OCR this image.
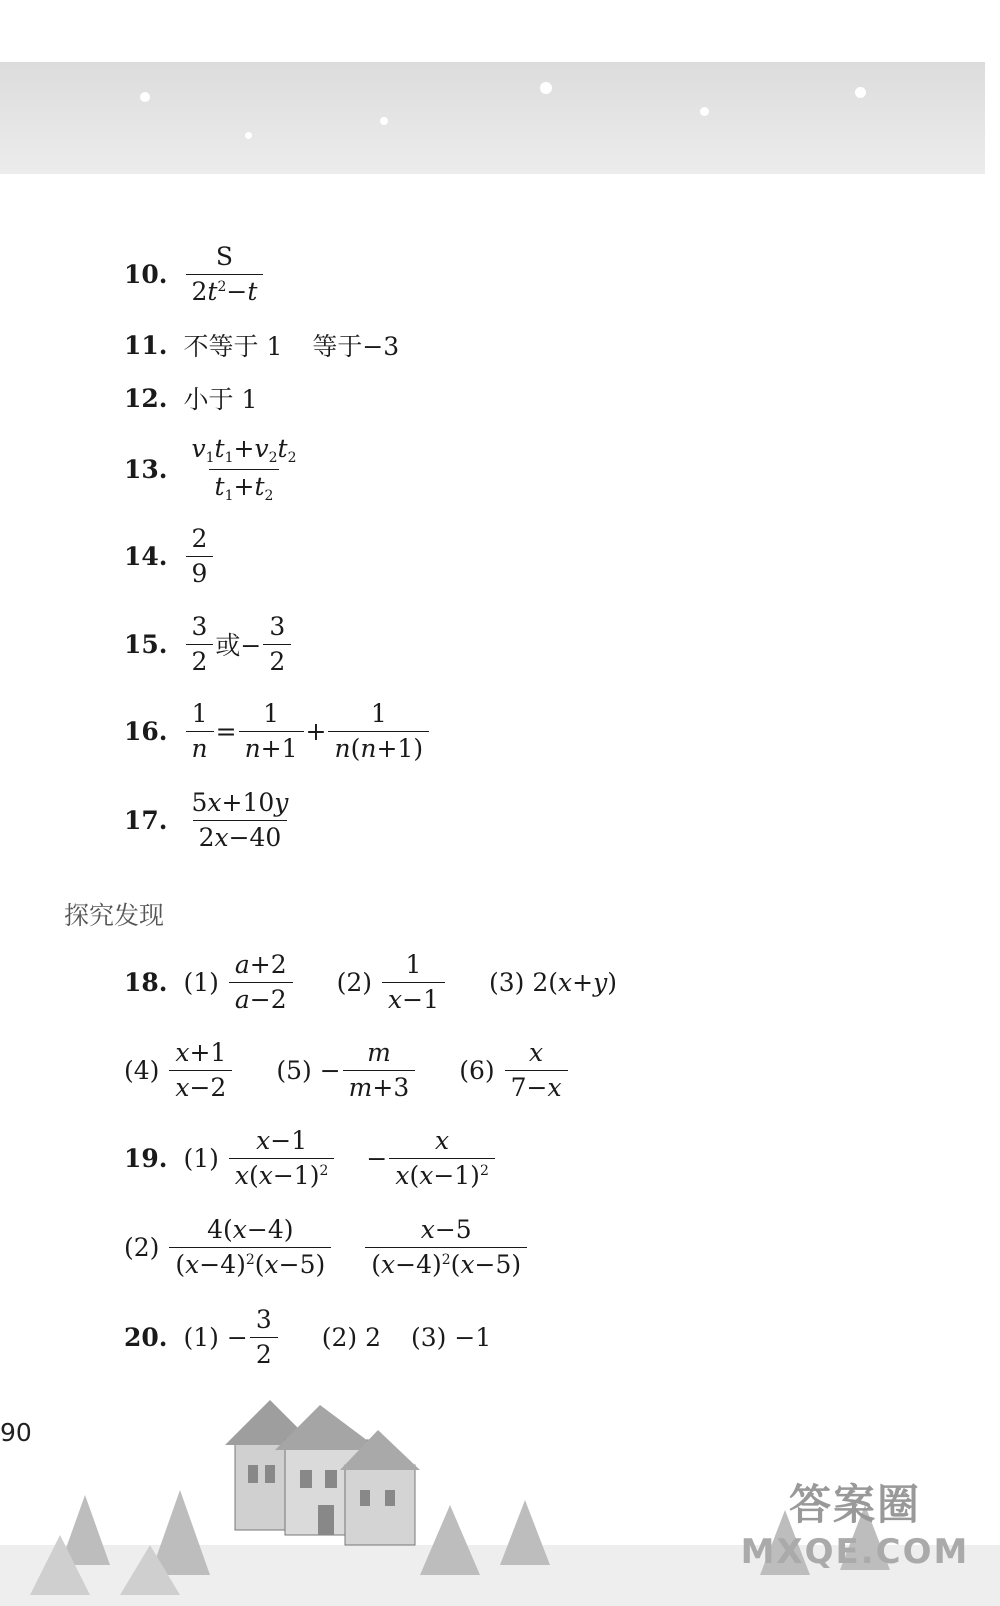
10. $\frac{S}{2t^2-t}$
11. 不等于 1 等于−3
12. 小于 1
13. $\frac{v_1t_1+v_2t_2}{t_1+t_2}$
14. $\frac{2}{9}$
15. $\frac{3}{2}$ 或− $\frac{3}{2}$
16. $\frac{1}{n} = \frac{1}{n+1} + \frac{1}{n(n+1)}$
17. $\frac{5x+10y}{2x-40}$
探究发现
18. (1)
$\frac{a+2}{a-2} (2)$
$\frac{1}{x-1} (3)$
2(x+y)
(4)
$\frac{x+1}{x-2} (5)$
− $\frac{m}{m+3} (6)$
$\frac{x}{7-x}$
19. (1)
$\frac{x-1}{x(x-1)^2} - \frac{x}{x(x-1)^2}$
(2)
$\frac{4(x-4)}{(x-4)^2(x-5)} \frac{x-5}{(x-4)^2(x-5)}$
20. (1)
− $\frac{3}{2} (2)$
2 (3)
−1
90
答案圈
MXQE.COM
